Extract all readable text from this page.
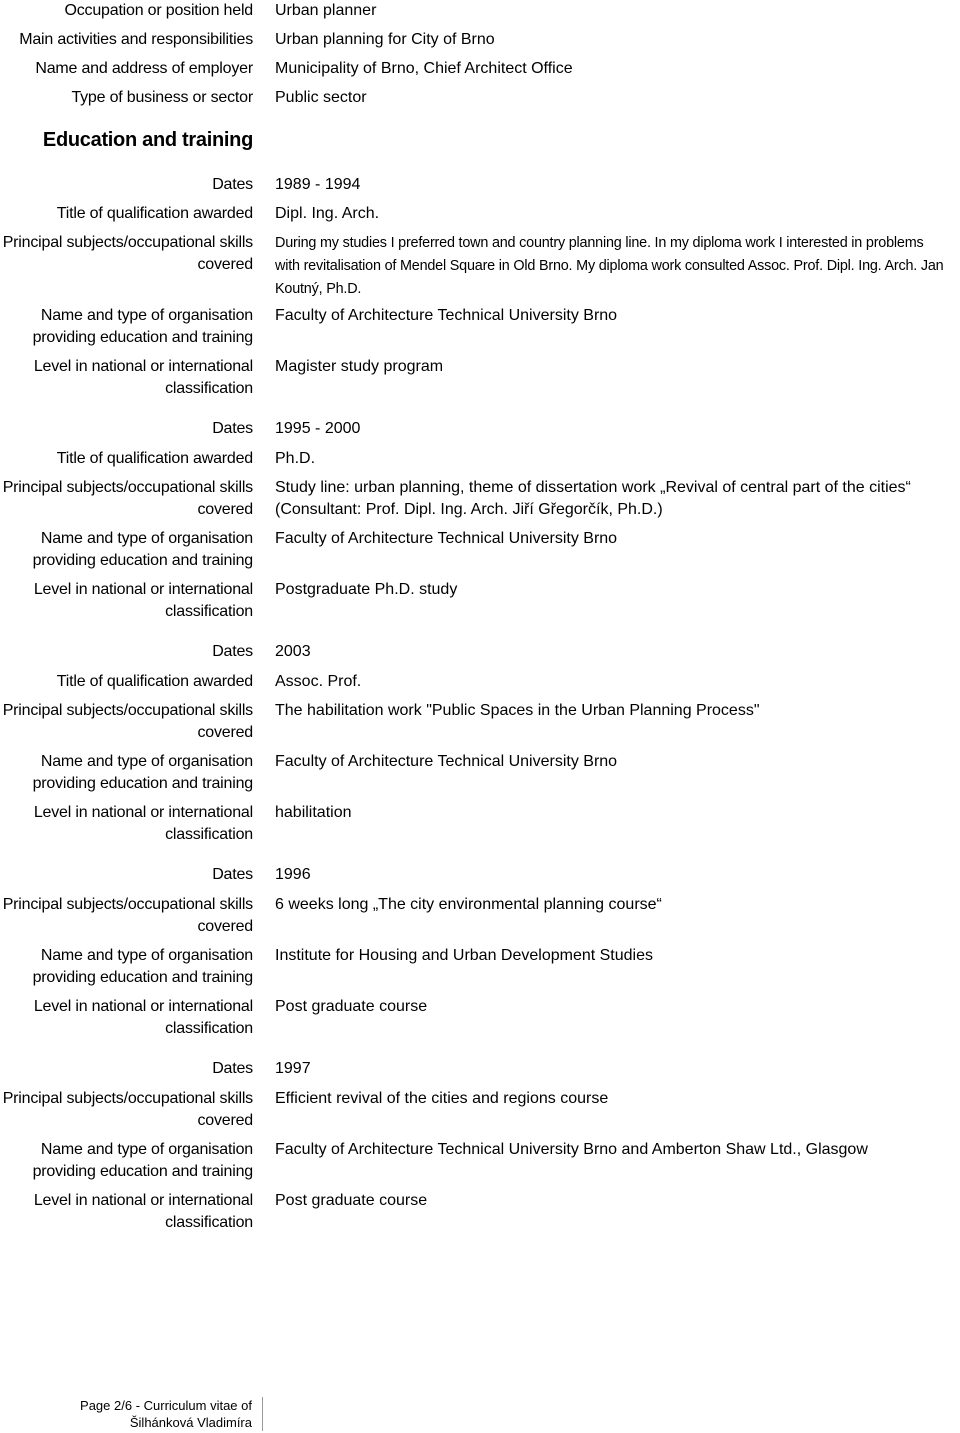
Occupation or position held Urban planner
Main activities and responsibilities Urban planning for City of Brno
Name and address of employer Municipality of Brno, Chief Architect Office
Type of business or sector Public sector
Education and training
Dates 1989 - 1994
Title of qualification awarded Dipl. Ing. Arch.
Principal subjects/occupational skills covered
During my studies I preferred town and country planning line. In my diploma work I interested in problems with revitalisation of Mendel Square in Old Brno. My diploma work consulted Assoc. Prof. Dipl. Ing. Arch. Jan Koutný, Ph.D.
Name and type of organisation providing education and training
Faculty of Architecture Technical University Brno
Level in national or international classification
Magister study program
Dates 1995 - 2000
Title of qualification awarded Ph.D.
Principal subjects/occupational skills covered
Study line: urban planning, theme of dissertation work „Revival of central part of the cities“ (Consultant: Prof. Dipl. Ing. Arch. Jiří Gřegorčík, Ph.D.)
Name and type of organisation providing education and training
Faculty of Architecture Technical University Brno
Level in national or international classification
Postgraduate Ph.D. study
Dates 2003
Title of qualification awarded Assoc. Prof.
Principal subjects/occupational skills covered
The habilitation work "Public Spaces in the Urban Planning Process"
Name and type of organisation providing education and training
Faculty of Architecture Technical University Brno
Level in national or international classification
habilitation
Dates 1996
Principal subjects/occupational skills covered
6 weeks long „The city environmental planning course“
Name and type of organisation providing education and training
Institute for Housing and Urban Development Studies
Level in national or international classification
Post graduate course
Dates 1997
Principal subjects/occupational skills covered
Efficient revival of the cities and regions course
Name and type of organisation providing education and training
Faculty of Architecture Technical University Brno and Amberton Shaw Ltd., Glasgow
Level in national or international classification
Post graduate course
Page 2/6 - Curriculum vitae of
Šilhánková Vladimíra
